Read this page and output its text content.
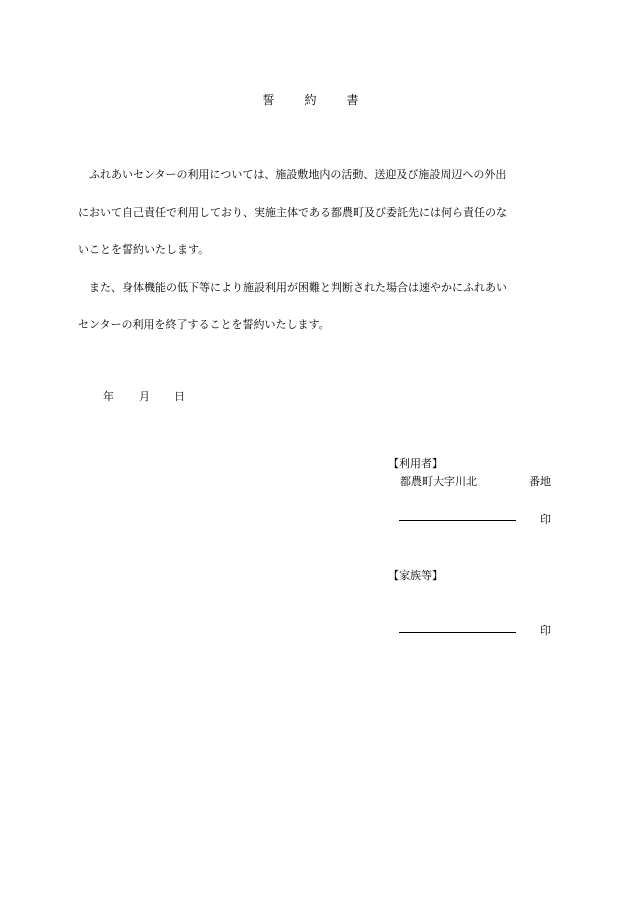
誓　約　書
　ふれあいセンターの利用については、施設敷地内の活動、送迎及び施設周辺への外出
において自己責任で利用しており、実施主体である都農町及び委託先には何ら責任のな
いことを誓約いたします。
　また、身体機能の低下等により施設利用が困難と判断された場合は速やかにふれあい
センターの利用を終了することを誓約いたします。
年 月 日
【利用者】
都農町大字川北	番地
印
【家族等】
印
